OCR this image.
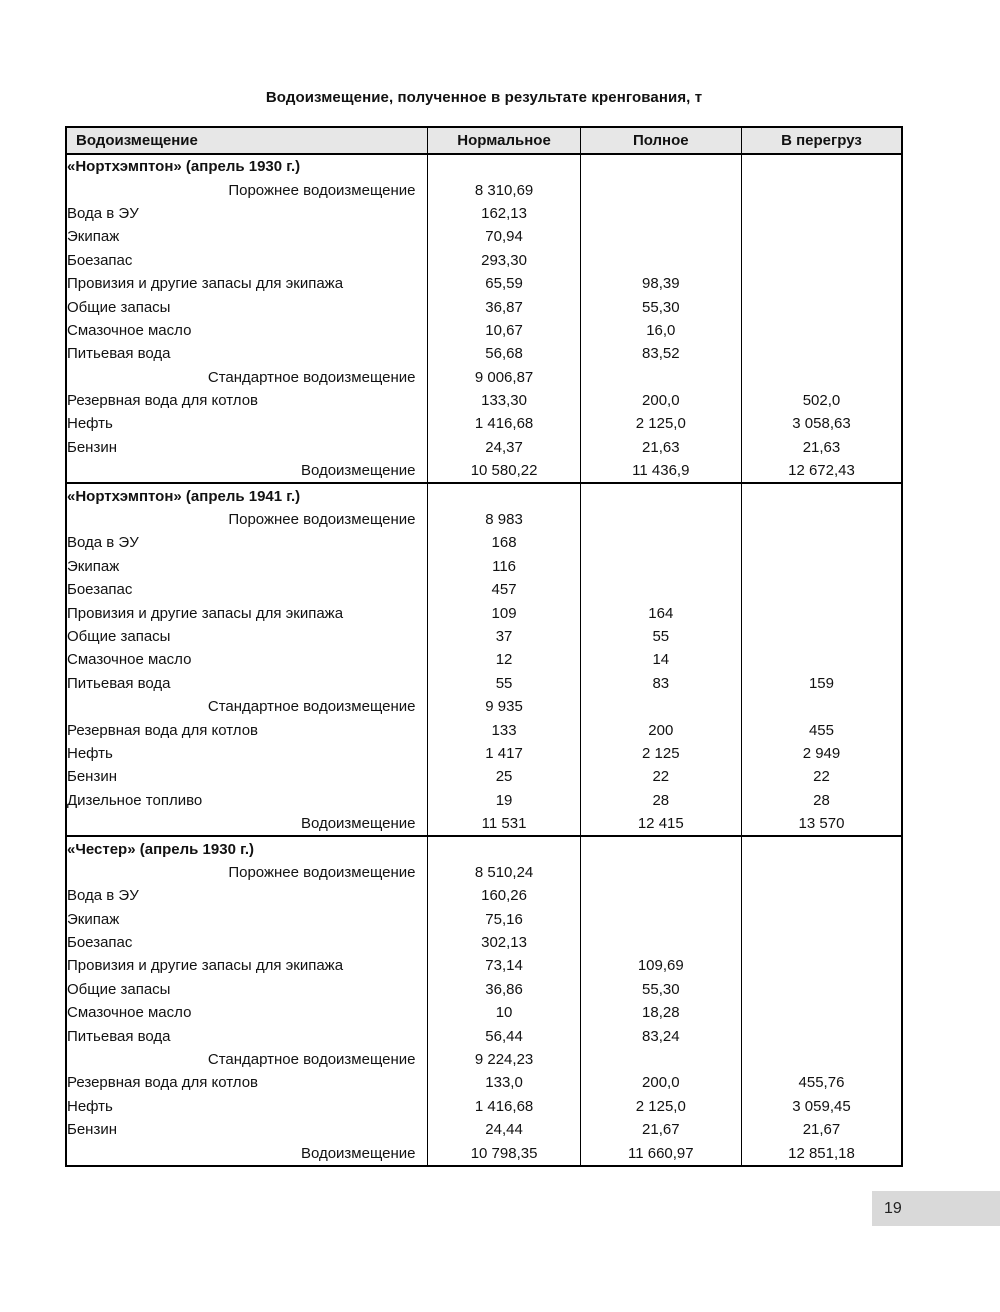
Водоизмещение, полученное в результате кренгования, т
Водоизмещение	Нормальное	Полное	В перегруз
«Нортхэмптон» (апрель 1930 г.)			
Порожнее водоизмещение	8 310,69		
Вода в ЭУ	162,13		
Экипаж	70,94		
Боезапас	293,30		
Провизия и другие запасы для экипажа	65,59	98,39	
Общие запасы	36,87	55,30	
Смазочное масло	10,67	16,0	
Питьевая вода	56,68	83,52	
Стандартное водоизмещение	9 006,87		
Резервная вода для котлов	133,30	200,0	502,0
Нефть	1 416,68	2 125,0	3 058,63
Бензин	24,37	21,63	21,63
Водоизмещение	10 580,22	11 436,9	12 672,43
«Нортхэмптон» (апрель 1941 г.)			
Порожнее водоизмещение	8 983		
Вода в ЭУ	168		
Экипаж	116		
Боезапас	457		
Провизия и другие запасы для экипажа	109	164	
Общие запасы	37	55	
Смазочное масло	12	14	
Питьевая вода	55	83	159
Стандартное водоизмещение	9 935		
Резервная вода для котлов	133	200	455
Нефть	1 417	2 125	2 949
Бензин	25	22	22
Дизельное топливо	19	28	28
Водоизмещение	11 531	12 415	13 570
«Честер» (апрель 1930 г.)			
Порожнее водоизмещение	8 510,24		
Вода в ЭУ	160,26		
Экипаж	75,16		
Боезапас	302,13		
Провизия и другие запасы для экипажа	73,14	109,69	
Общие запасы	36,86	55,30	
Смазочное масло	10	18,28	
Питьевая вода	56,44	83,24	
Стандартное водоизмещение	9 224,23		
Резервная вода для котлов	133,0	200,0	455,76
Нефть	1 416,68	2 125,0	3 059,45
Бензин	24,44	21,67	21,67
Водоизмещение	10 798,35	11 660,97	12 851,18
19
